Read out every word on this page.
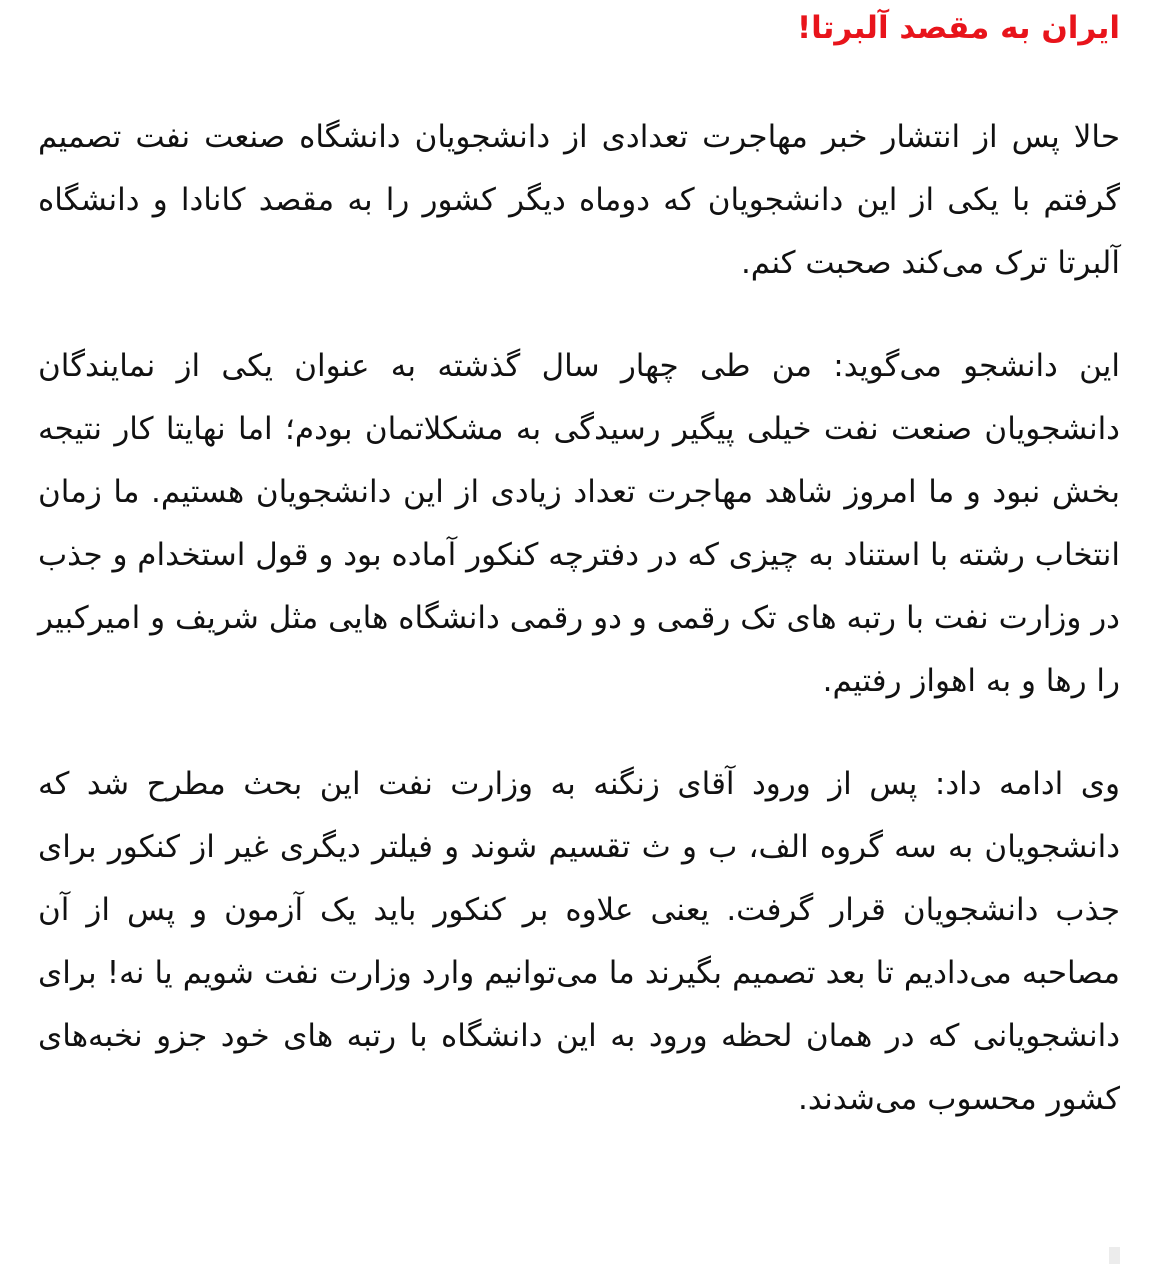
ایران به مقصد آلبرتا!

حالا پس از انتشار خبر مهاجرت تعدادی از دانشجویان دانشگاه صنعت نفت تصمیم گرفتم با یکی از این دانشجویان که دوماه دیگر کشور را به مقصد کانادا و دانشگاه آلبرتا ترک می‌کند صحبت کنم.

این دانشجو می‌گوید: من طی چهار سال گذشته به عنوان یکی از نمایندگان دانشجویان صنعت نفت خیلی پیگیر رسیدگی به مشکلاتمان بودم؛ اما نهایتا کار نتیجه بخش نبود و ما امروز شاهد مهاجرت تعداد زیادی از این دانشجویان هستیم. ما زمان انتخاب رشته با استناد به چیزی که در دفترچه کنکور آماده بود و قول استخدام و جذب در وزارت نفت با رتبه های تک رقمی و دو رقمی دانشگاه هایی مثل شریف و امیرکبیر را رها و به اهواز رفتیم.

وی ادامه داد: پس از ورود آقای زنگنه به وزارت نفت این بحث مطرح شد که دانشجویان به سه گروه الف، ب و ث تقسیم شوند و فیلتر دیگری غیر از کنکور برای جذب دانشجویان قرار گرفت. یعنی علاوه بر کنکور باید یک آزمون و پس از آن مصاحبه می‌دادیم تا بعد تصمیم بگیرند ما می‌توانیم وارد وزارت نفت شویم یا نه! برای دانشجویانی که در همان لحظه ورود به این دانشگاه با رتبه های خود جزو نخبه‌های کشور محسوب می‌شدند.
